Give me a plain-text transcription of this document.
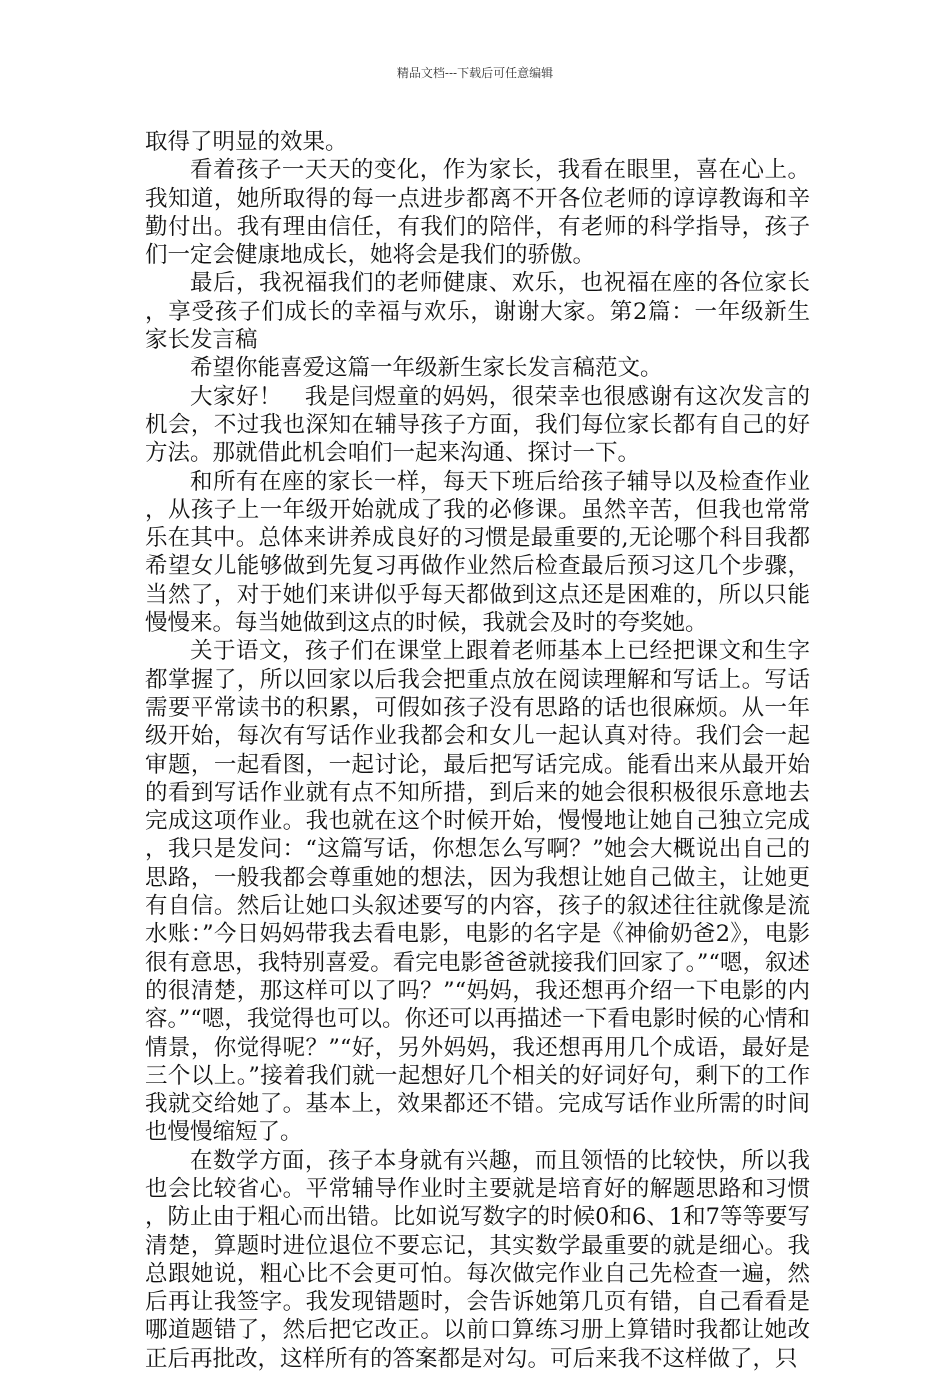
精品文档---下载后可任意编辑

取得了明显的效果。

看着孩子一天天的变化，作为家长，我看在眼里，喜在心上。我知道，她所取得的每一点进步都离不开各位老师的谆谆教诲和辛勤付出。我有理由信任，有我们的陪伴，有老师的科学指导，孩子们一定会健康地成长，她将会是我们的骄傲。

最后，我祝福我们的老师健康、欢乐，也祝福在座的各位家长，享受孩子们成长的幸福与欢乐，谢谢大家。第2篇：一年级新生家长发言稿

希望你能喜爱这篇一年级新生家长发言稿范文。

大家好！　我是闫煜童的妈妈，很荣幸也很感谢有这次发言的机会，不过我也深知在辅导孩子方面，我们每位家长都有自己的好方法。那就借此机会咱们一起来沟通、探讨一下。

和所有在座的家长一样，每天下班后给孩子辅导以及检查作业，从孩子上一年级开始就成了我的必修课。虽然辛苦，但我也常常乐在其中。总体来讲养成良好的习惯是最重要的,无论哪个科目我都希望女儿能够做到先复习再做作业然后检查最后预习这几个步骤，当然了，对于她们来讲似乎每天都做到这点还是困难的，所以只能慢慢来。每当她做到这点的时候，我就会及时的夸奖她。

关于语文，孩子们在课堂上跟着老师基本上已经把课文和生字都掌握了，所以回家以后我会把重点放在阅读理解和写话上。写话需要平常读书的积累，可假如孩子没有思路的话也很麻烦。从一年级开始，每次有写话作业我都会和女儿一起认真对待。我们会一起审题，一起看图，一起讨论，最后把写话完成。能看出来从最开始的看到写话作业就有点不知所措，到后来的她会很积极很乐意地去完成这项作业。我也就在这个时候开始，慢慢地让她自己独立完成，我只是发问：“这篇写话，你想怎么写啊？”她会大概说出自己的思路，一般我都会尊重她的想法，因为我想让她自己做主，让她更有自信。然后让她口头叙述要写的内容，孩子的叙述往往就像是流水账：”今日妈妈带我去看电影，电影的名字是《神偷奶爸2》，电影很有意思，我特别喜爱。看完电影爸爸就接我们回家了。”“嗯，叙述的很清楚，那这样可以了吗？”“妈妈，我还想再介绍一下电影的内容。”“嗯，我觉得也可以。你还可以再描述一下看电影时候的心情和情景，你觉得呢？”“好，另外妈妈，我还想再用几个成语，最好是三个以上。”接着我们就一起想好几个相关的好词好句，剩下的工作我就交给她了。基本上，效果都还不错。完成写话作业所需的时间也慢慢缩短了。

在数学方面，孩子本身就有兴趣，而且领悟的比较快，所以我也会比较省心。平常辅导作业时主要就是培育好的解题思路和习惯，防止由于粗心而出错。比如说写数字的时候0和6、1和7等等要写清楚，算题时进位退位不要忘记，其实数学最重要的就是细心。我总跟她说，粗心比不会更可怕。每次做完作业自己先检查一遍，然后再让我签字。我发现错题时，会告诉她第几页有错，自己看看是哪道题错了，然后把它改正。以前口算练习册上算错时我都让她改正后再批改，这样所有的答案都是对勾。可后来我不这样做了，只
